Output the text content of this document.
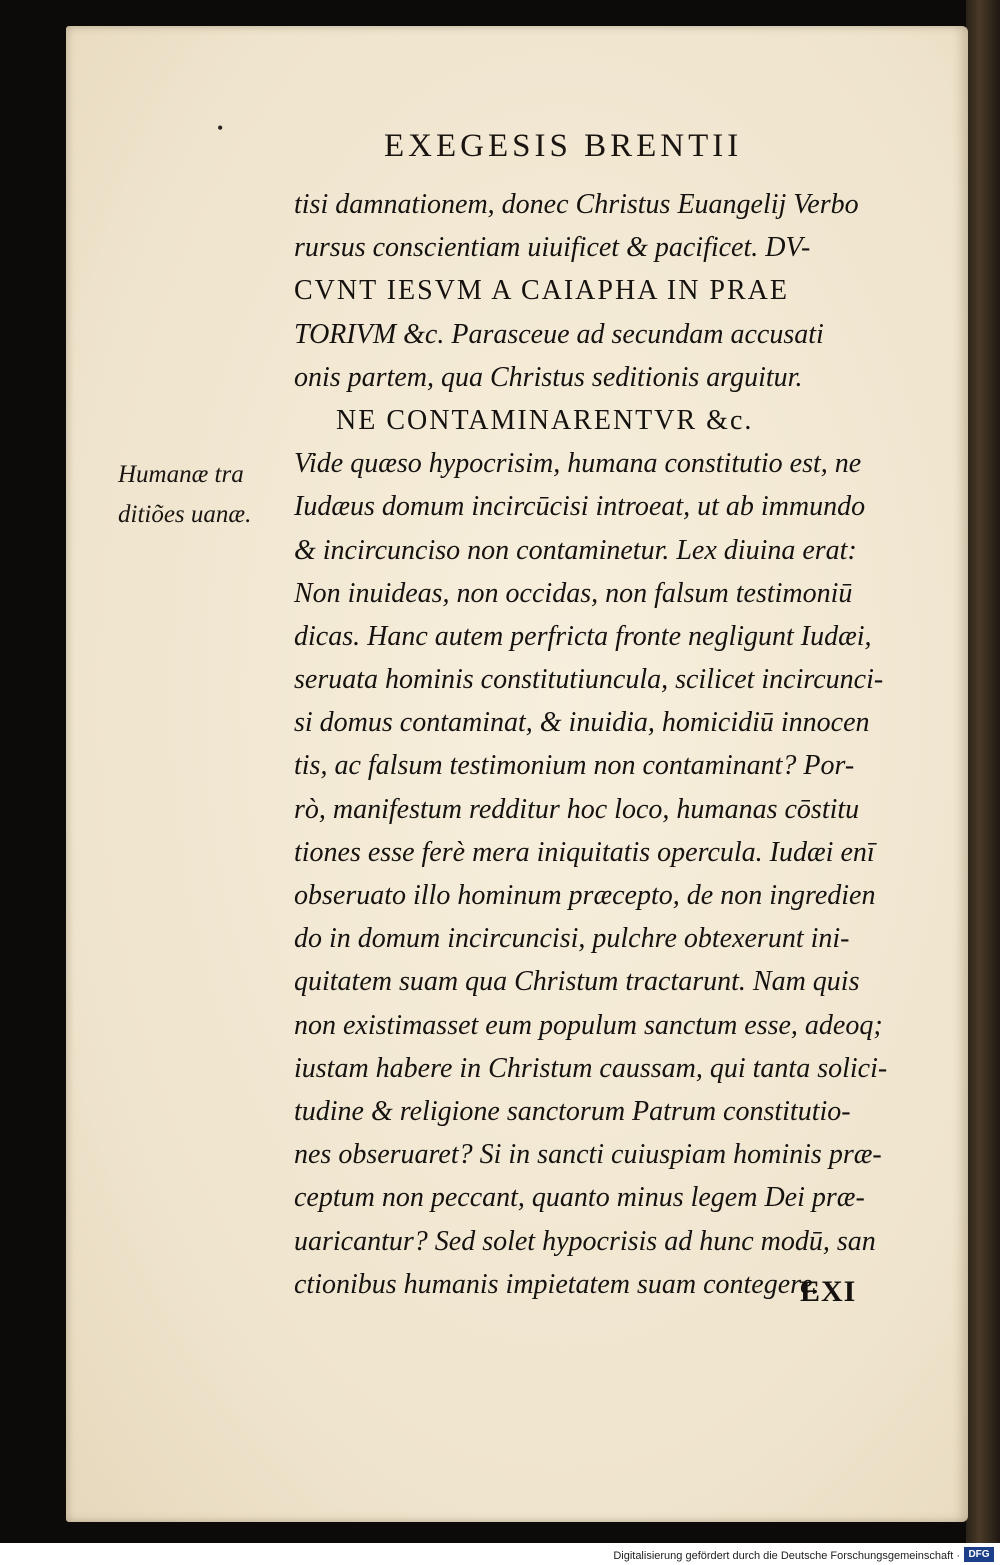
•	EXEGESIS BRENTII
Humanæ tra
ditiões uanæ.
tisi damnationem, donec Christus Euangelij Verbo
rursus conscientiam uiuificet & pacificet. DV-
CVNT IESVM A CAIAPHA IN PRAE
TORIVM &c. Parasceue ad secundam accusati
onis partem, qua Christus seditionis arguitur.
NE CONTAMINARENTVR &c.
Vide quæso hypocrisim, humana constitutio est, ne
Iudæus domum incircūcisi introeat, ut ab immundo
& incircunciso non contaminetur. Lex diuina erat:
Non inuideas, non occidas, non falsum testimoniū
dicas. Hanc autem perfricta fronte negligunt Iudæi,
seruata hominis constitutiuncula, scilicet incircunci-
si domus contaminat, & inuidia, homicidiū innocen
tis, ac falsum testimonium non contaminant? Por-
rò, manifestum redditur hoc loco, humanas cōstitu
tiones esse ferè mera iniquitatis opercula. Iudæi enī
obseruato illo hominum præcepto, de non ingredien
do in domum incircuncisi, pulchre obtexerunt ini-
quitatem suam qua Christum tractarunt. Nam quis
non existimasset eum populum sanctum esse, adeoq;
iustam habere in Christum caussam, qui tanta solici-
tudine & religione sanctorum Patrum constitutio-
nes obseruaret? Si in sancti cuiuspiam hominis præ-
ceptum non peccant, quanto minus legem Dei præ-
uaricantur? Sed solet hypocrisis ad hunc modū, san
ctionibus humanis impietatem suam contegere.
EXI
Digitalisierung gefördert durch die Deutsche Forschungsgemeinschaft · DFG
